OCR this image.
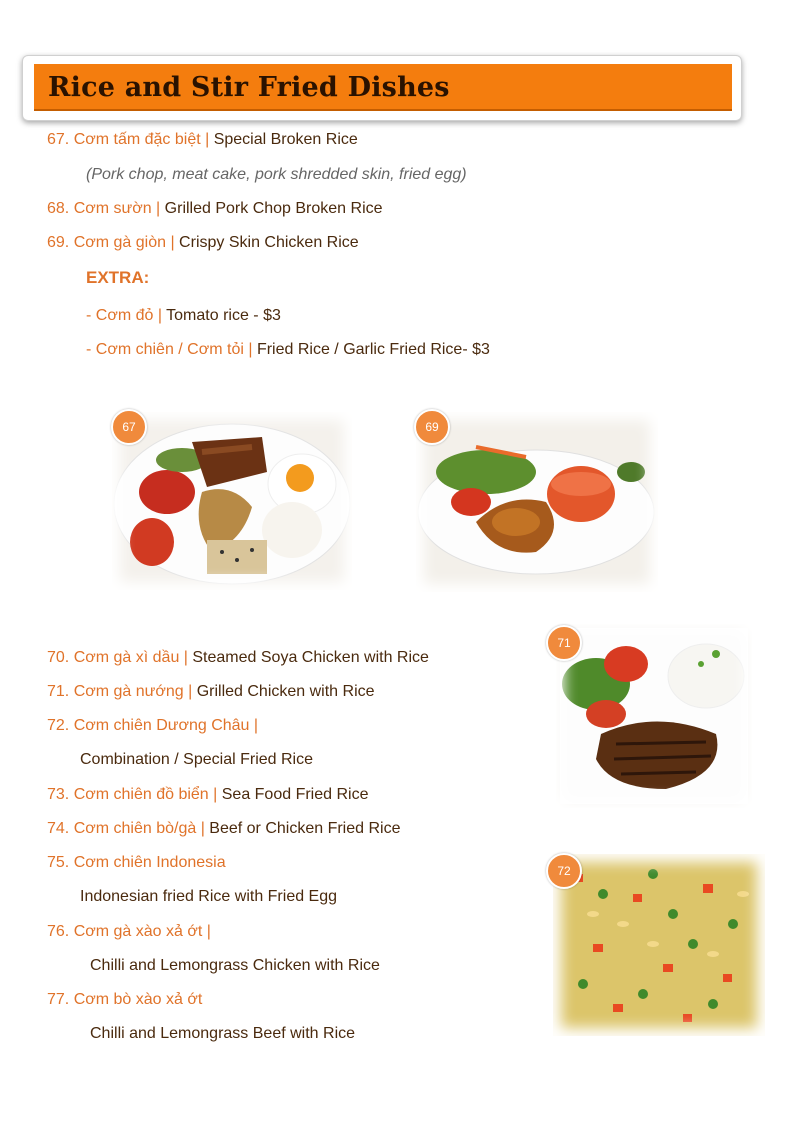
Rice and Stir Fried Dishes
67. Cơm tấm đặc biệt | Special Broken Rice
(Pork chop, meat cake, pork shredded skin, fried egg)
68. Cơm sườn | Grilled Pork Chop Broken Rice
69. Cơm gà giòn | Crispy Skin Chicken Rice
EXTRA:
- Cơm đỏ | Tomato rice - $3
- Cơm chiên / Cơm tỏi | Fried Rice / Garlic Fried Rice- $3
67	69
71
72
70. Cơm gà xì dầu | Steamed Soya Chicken with Rice
71. Cơm gà nướng | Grilled Chicken with Rice
72. Cơm chiên Dương Châu |
Combination / Special Fried Rice
73. Cơm chiên đồ biển | Sea Food Fried Rice
74. Cơm chiên bò/gà | Beef or Chicken Fried Rice
75. Cơm chiên Indonesia
Indonesian fried Rice with Fried Egg
76. Cơm gà xào xả ớt |
Chilli and Lemongrass Chicken with Rice
77. Cơm bò xào xả ớt
Chilli and Lemongrass Beef with Rice
